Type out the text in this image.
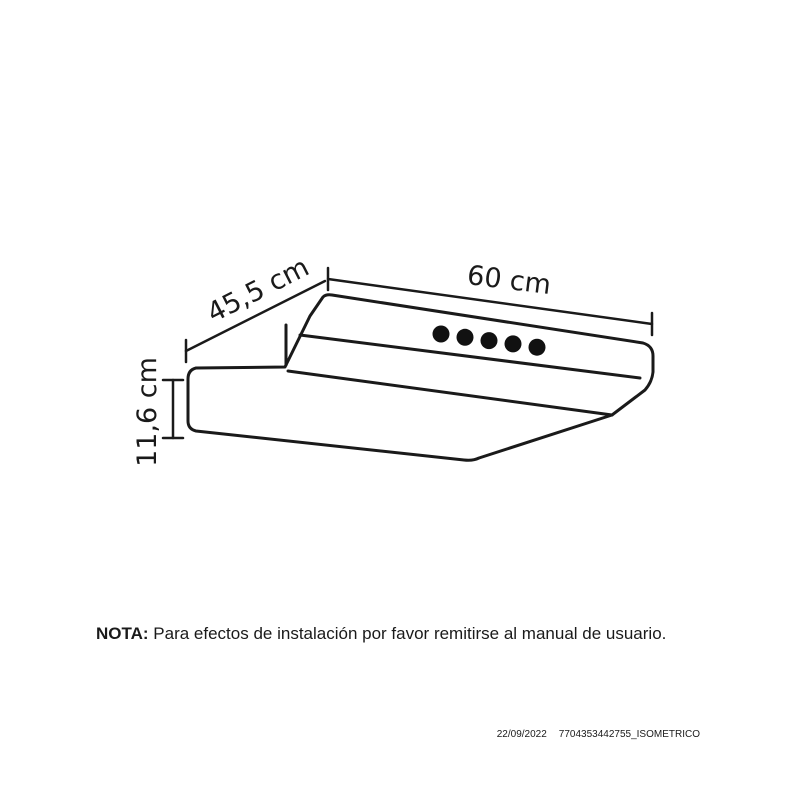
60 cm
45,5 cm
11,6 cm
NOTA: Para efectos de instalación por favor remitirse al manual de usuario.
22/09/2022 7704353442755_ISOMETRICO
